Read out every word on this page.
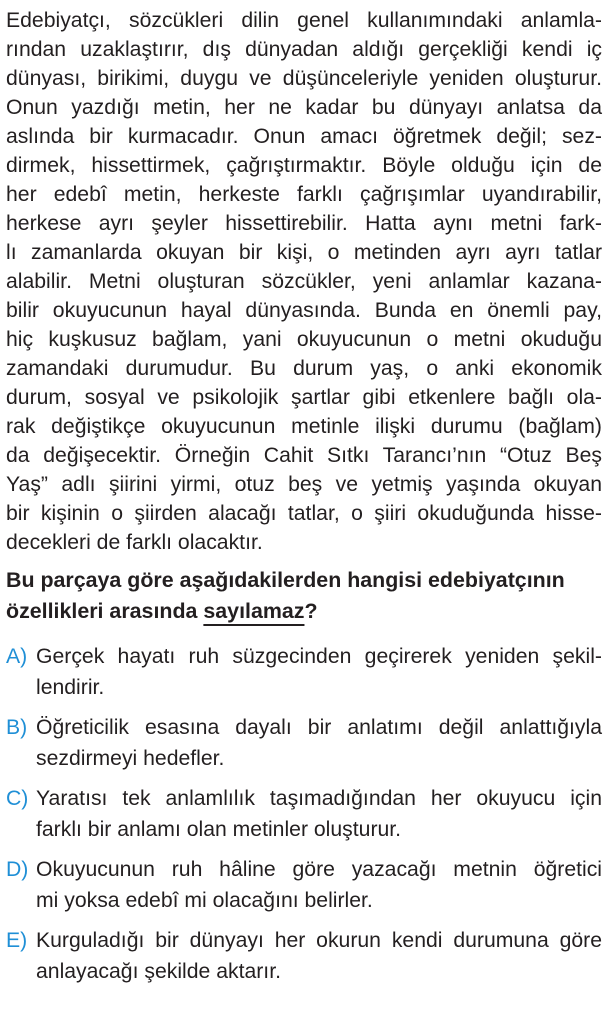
Edebiyatçı, sözcükleri dilin genel kullanımındaki anlamla-
rından uzaklaştırır, dış dünyadan aldığı gerçekliği kendi iç
dünyası, birikimi, duygu ve düşünceleriyle yeniden oluşturur.
Onun yazdığı metin, her ne kadar bu dünyayı anlatsa da
aslında bir kurmacadır. Onun amacı öğretmek değil; sez-
dirmek, hissettirmek, çağrıştırmaktır. Böyle olduğu için de
her edebî metin, herkeste farklı çağrışımlar uyandırabilir,
herkese ayrı şeyler hissettirebilir. Hatta aynı metni fark-
lı zamanlarda okuyan bir kişi, o metinden ayrı ayrı tatlar
alabilir. Metni oluşturan sözcükler, yeni anlamlar kazana-
bilir okuyucunun hayal dünyasında. Bunda en önemli pay,
hiç kuşkusuz bağlam, yani okuyucunun o metni okuduğu
zamandaki durumudur. Bu durum yaş, o anki ekonomik
durum, sosyal ve psikolojik şartlar gibi etkenlere bağlı ola-
rak değiştikçe okuyucunun metinle ilişki durumu (bağlam)
da değişecektir. Örneğin Cahit Sıtkı Tarancı’nın “Otuz Beş
Yaş” adlı şiirini yirmi, otuz beş ve yetmiş yaşında okuyan
bir kişinin o şiirden alacağı tatlar, o şiiri okuduğunda hisse-
decekleri de farklı olacaktır.
Bu parçaya göre aşağıdakilerden hangisi edebiyatçının
özellikleri arasında sayılamaz?
A) Gerçek hayatı ruh süzgecinden geçirerek yeniden şekil-
lendirir.
B) Öğreticilik esasına dayalı bir anlatımı değil anlattığıyla
sezdirmeyi hedefler.
C) Yaratısı tek anlamlılık taşımadığından her okuyucu için
farklı bir anlamı olan metinler oluşturur.
D) Okuyucunun ruh hâline göre yazacağı metnin öğretici
mi yoksa edebî mi olacağını belirler.
E) Kurguladığı bir dünyayı her okurun kendi durumuna göre
anlayacağı şekilde aktarır.
